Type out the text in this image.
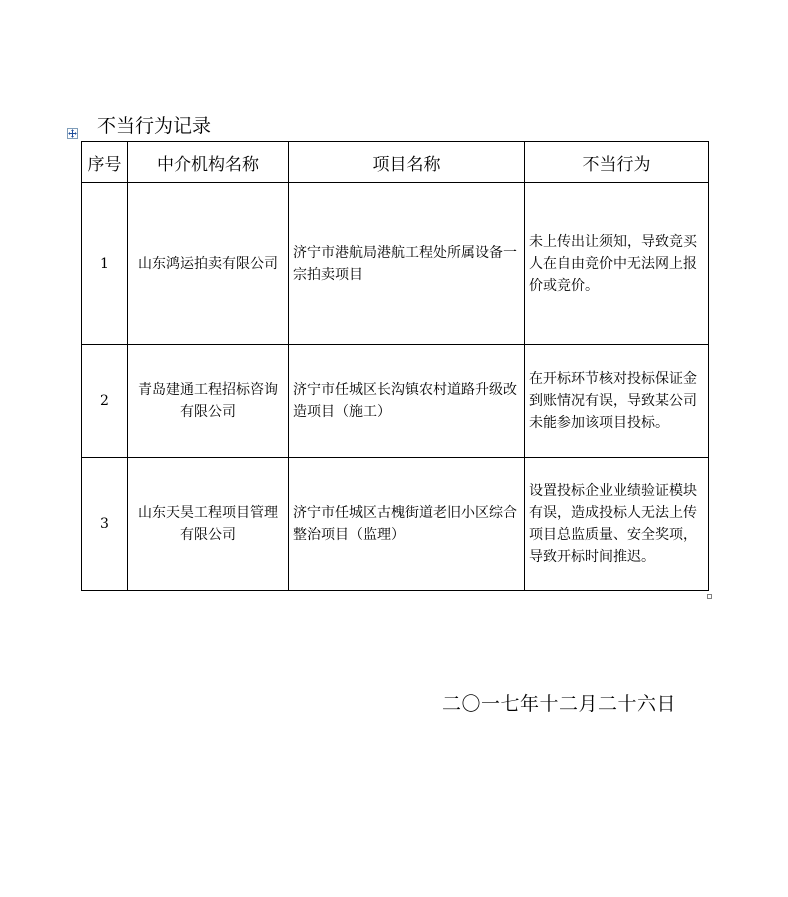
不当行为记录
序号	中介机构名称	项目名称	不当行为
1	山东鸿运拍卖有限公司	济宁市港航局港航工程处所属设备一宗拍卖项目	未上传出让须知，导致竞买人在自由竞价中无法网上报价或竞价。
2	青岛建通工程招标咨询有限公司	济宁市任城区长沟镇农村道路升级改造项目（施工）	在开标环节核对投标保证金到账情况有误，导致某公司未能参加该项目投标。
3	山东天昊工程项目管理有限公司	济宁市任城区古槐街道老旧小区综合整治项目（监理）	设置投标企业业绩验证模块有误，造成投标人无法上传项目总监质量、安全奖项，导致开标时间推迟。
二〇一七年十二月二十六日
